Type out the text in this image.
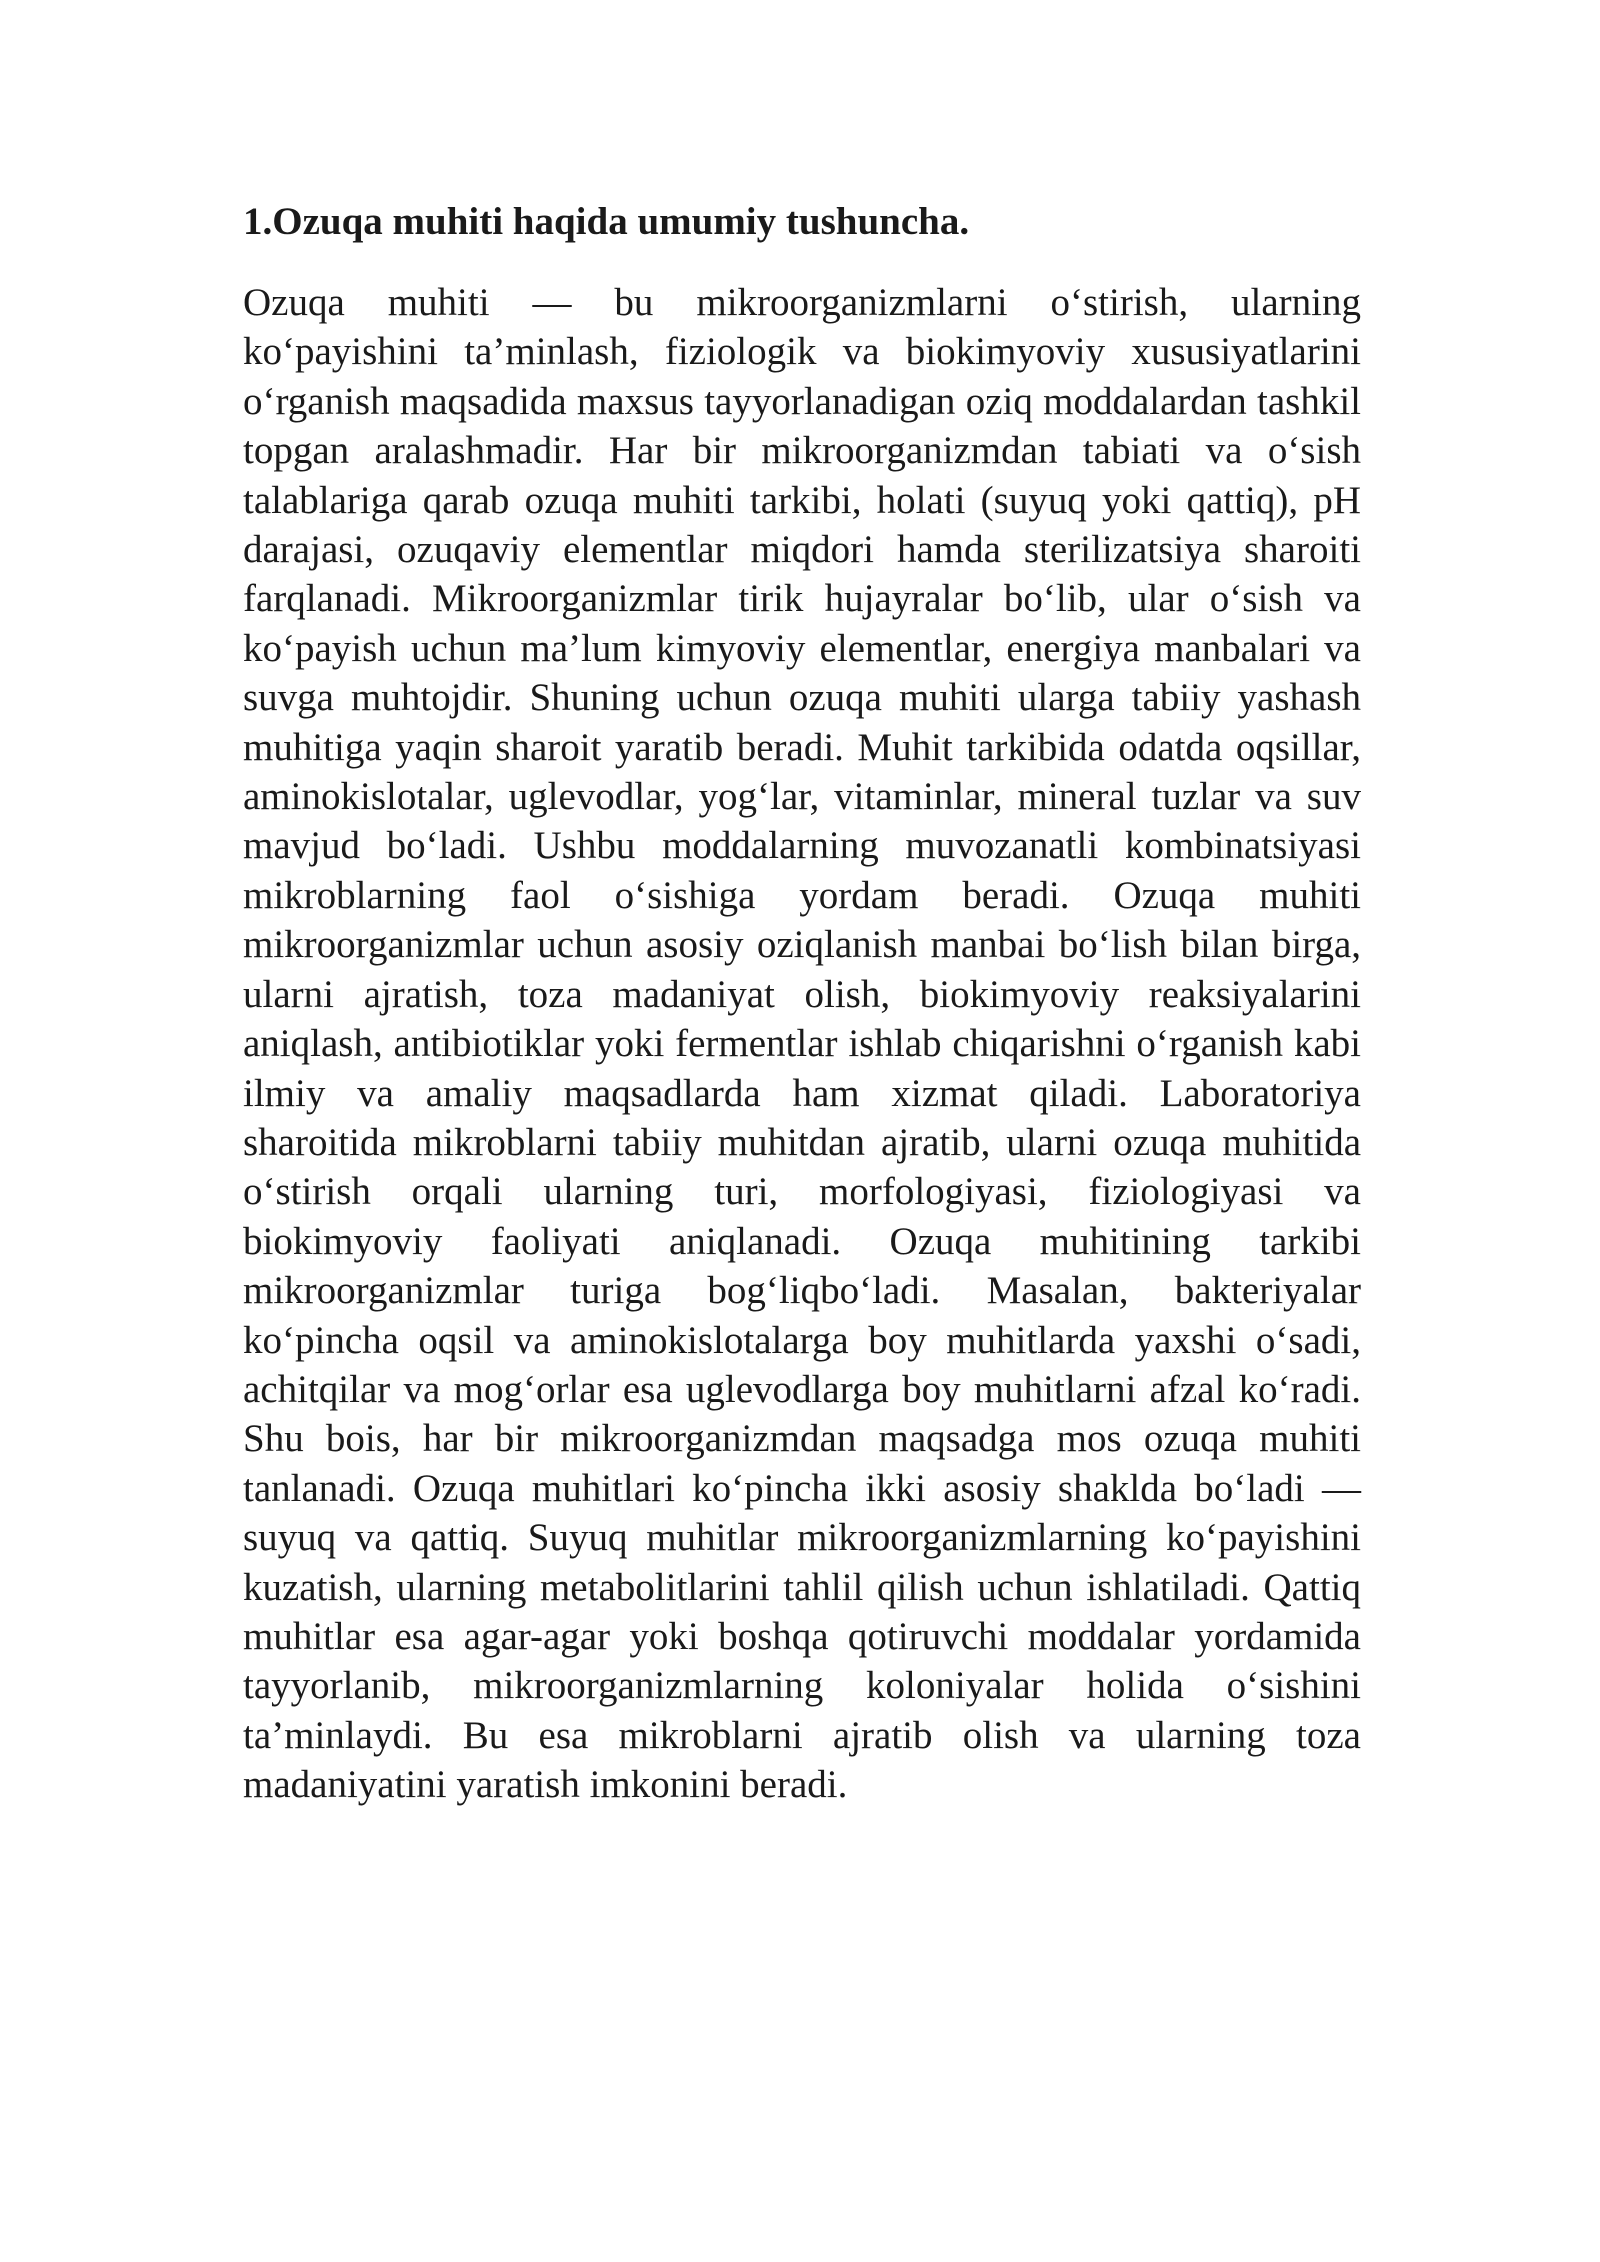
1.Ozuqa muhiti haqida umumiy tushuncha.

Ozuqa muhiti — bu mikroorganizmlarni o‘stirish, ularning ko‘payishini ta’minlash, fiziologik va biokimyoviy xususiyatlarini o‘rganish maqsadida maxsus tayyorlanadigan oziq moddalardan tashkil topgan aralashmadir. Har bir mikroorganizmdan tabiati va o‘sish talablariga qarab ozuqa muhiti tarkibi, holati (suyuq yoki qattiq), pH darajasi, ozuqaviy elementlar miqdori hamda sterilizatsiya sharoiti farqlanadi. Mikroorganizmlar tirik hujayralar bo‘lib, ular o‘sish va ko‘payish uchun ma’lum kimyoviy elementlar, energiya manbalari va suvga muhtojdir. Shuning uchun ozuqa muhiti ularga tabiiy yashash muhitiga yaqin sharoit yaratib beradi. Muhit tarkibida odatda oqsillar, aminokislotalar, uglevodlar, yog‘lar, vitaminlar, mineral tuzlar va suv mavjud bo‘ladi. Ushbu moddalarning muvozanatli kombinatsiyasi mikroblarning faol o‘sishiga yordam beradi. Ozuqa muhiti mikroorganizmlar uchun asosiy oziqlanish manbai bo‘lish bilan birga, ularni ajratish, toza madaniyat olish, biokimyoviy reaksiyalarini aniqlash, antibiotiklar yoki fermentlar ishlab chiqarishni o‘rganish kabi ilmiy va amaliy maqsadlarda ham xizmat qiladi. Laboratoriya sharoitida mikroblarni tabiiy muhitdan ajratib, ularni ozuqa muhitida o‘stirish orqali ularning turi, morfologiyasi, fiziologiyasi va biokimyoviy faoliyati aniqlanadi. Ozuqa muhitining tarkibi mikroorganizmlar turiga bog‘liqbo‘ladi. Masalan, bakteriyalar ko‘pincha oqsil va aminokislotalarga boy muhitlarda yaxshi o‘sadi, achitqilar va mog‘orlar esa uglevodlarga boy muhitlarni afzal ko‘radi. Shu bois, har bir mikroorganizmdan maqsadga mos ozuqa muhiti tanlanadi. Ozuqa muhitlari ko‘pincha ikki asosiy shaklda bo‘ladi — suyuq va qattiq. Suyuq muhitlar mikroorganizmlarning ko‘payishini kuzatish, ularning metabolitlarini tahlil qilish uchun ishlatiladi. Qattiq muhitlar esa agar-agar yoki boshqa qotiruvchi moddalar yordamida tayyorlanib, mikroorganizmlarning koloniyalar holida o‘sishini ta’minlaydi. Bu esa mikroblarni ajratib olish va ularning toza madaniyatini yaratish imkonini beradi.
